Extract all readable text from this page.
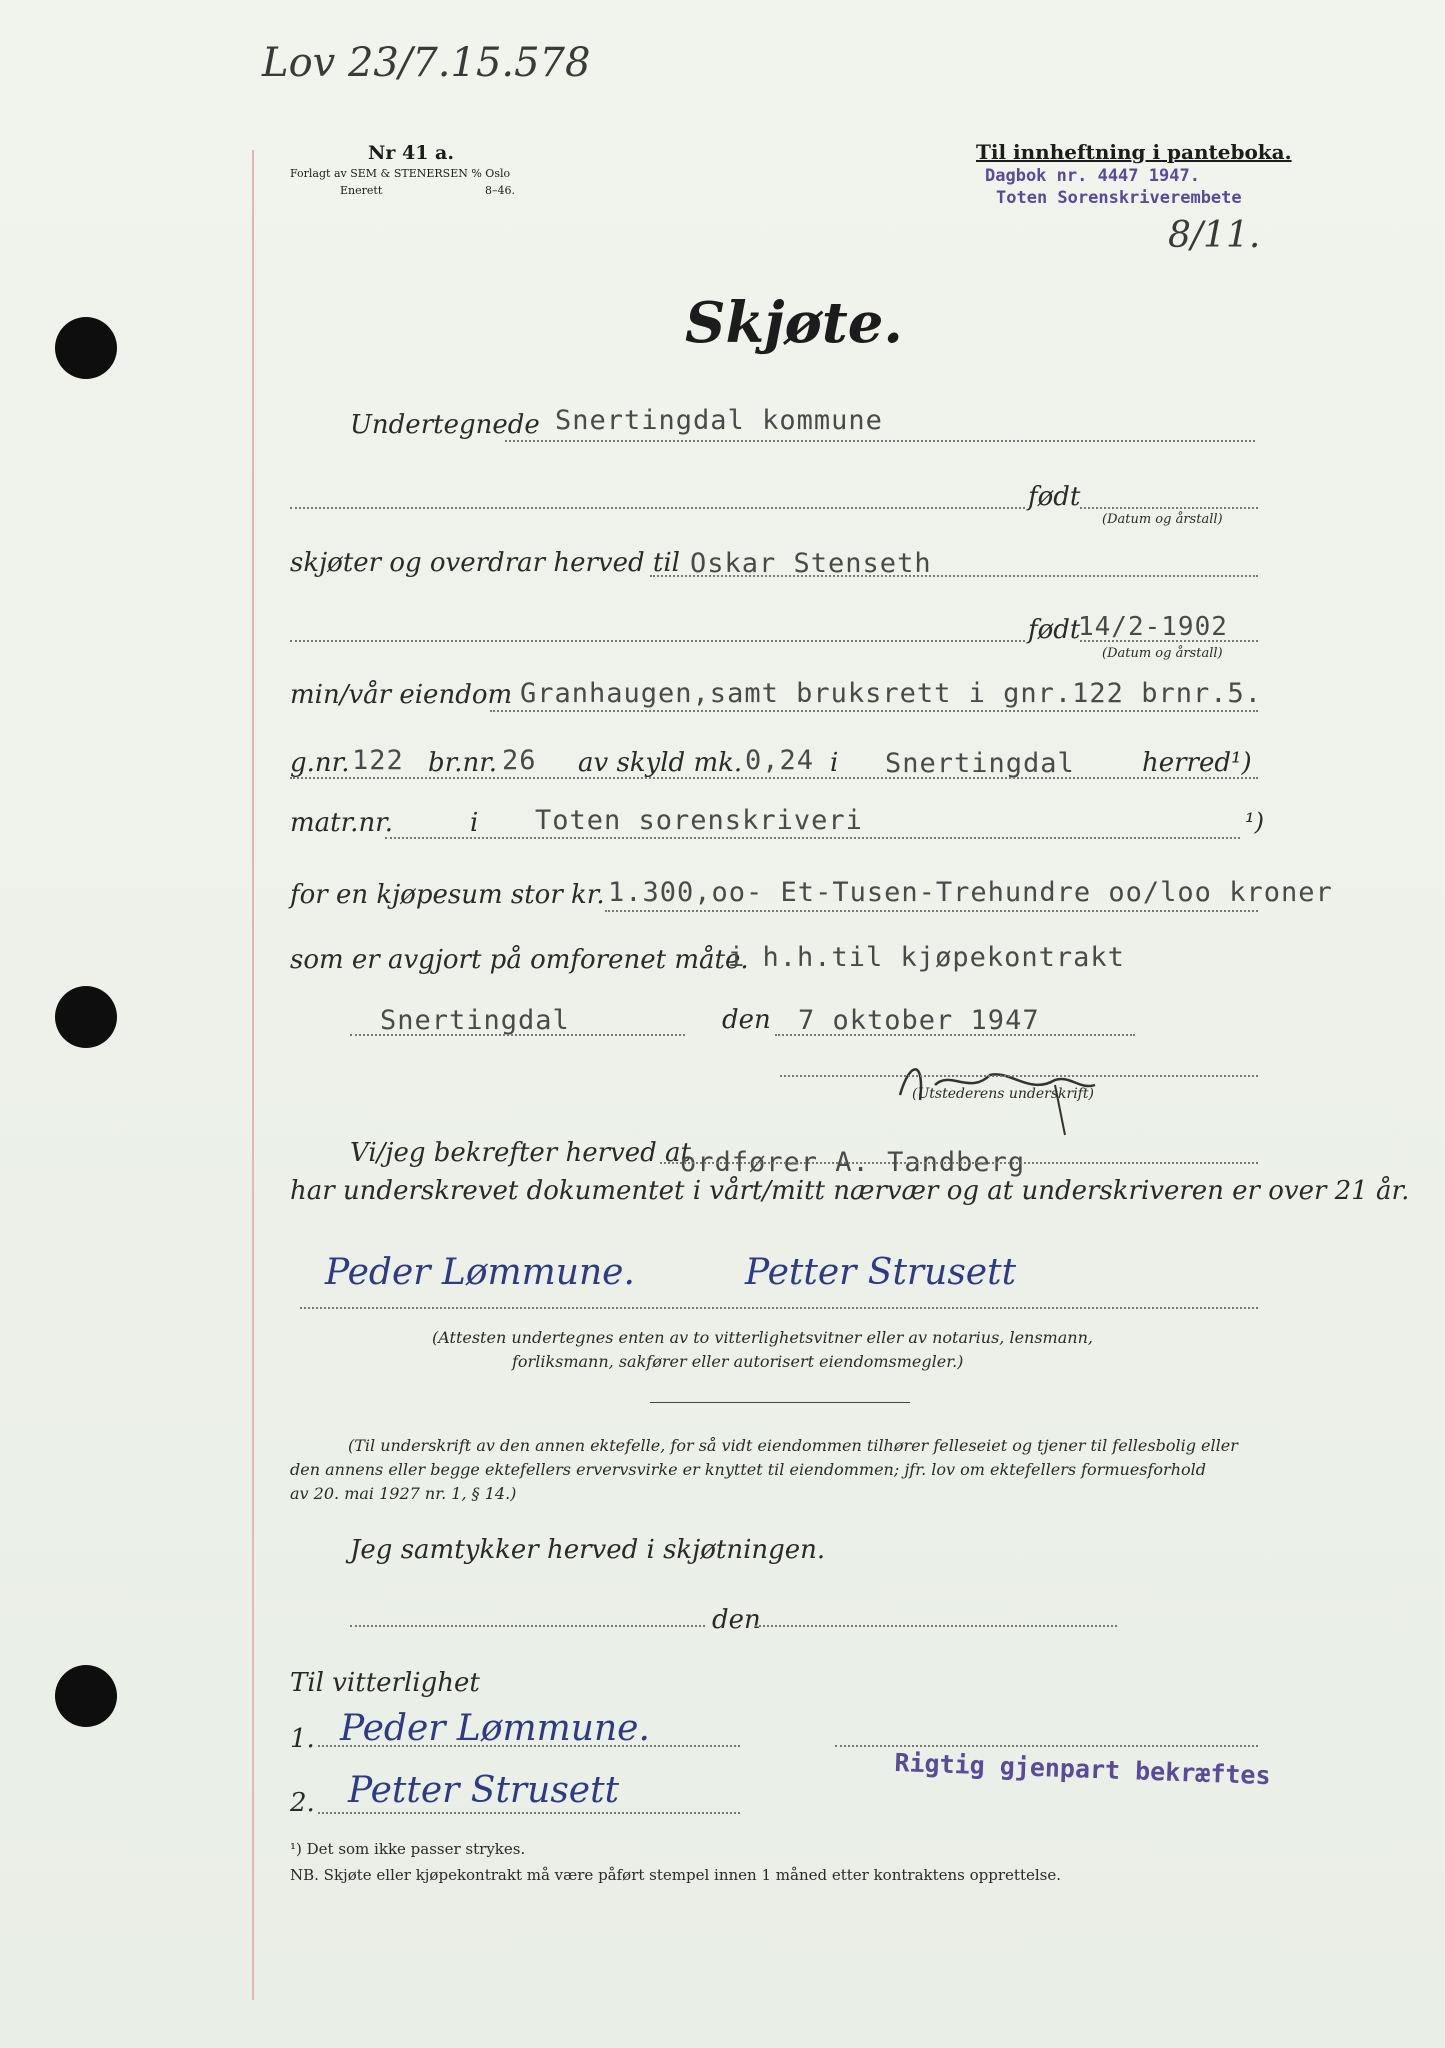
Lov 23/7.15.578
Nr 41 a.
Forlagt av SEM & STENERSEN % Oslo
Enerett	8–46.
Til innheftning i panteboka.
Dagbok nr. 4447 1947.
Toten Sorenskriverembete
8/11.
Skjøte.
Undertegnede Snertingdal kommune
født
(Datum og årstall)
skjøter og overdrar herved til Oskar Stenseth
født
14/2-1902
(Datum og årstall)
min/vår eiendom Granhaugen,samt bruksrett i gnr.122 brnr.5.
g.nr. 122 br.nr. 26 av skyld mk. 0,24 i Snertingdal	herred¹)
matr.nr.	i Toten sorenskriveri	¹)
for en kjøpesum stor kr. 1.300,oo- Et-Tusen-Trehundre oo/loo kroner
som er avgjort på omforenet måte.
i h.h.til kjøpekontrakt
Snertingdal	den 7 oktober 1947
(Utstederens underskrift)
Vi/jeg bekrefter herved at
ordfører A. Tandberg
har underskrevet dokumentet i vårt/mitt nærvær og at underskriveren er over 21 år.
Peder Lømmune.	Petter Strusett
(Attesten undertegnes enten av to vitterlighetsvitner eller av notarius, lensmann,
forliksmann, sakfører eller autorisert eiendomsmegler.)
(Til underskrift av den annen ektefelle, for så vidt eiendommen tilhører felleseiet og tjener til fellesbolig eller
den annens eller begge ektefellers ervervsvirke er knyttet til eiendommen; jfr. lov om ektefellers formuesforhold
av 20. mai 1927 nr. 1, § 14.)
Jeg samtykker herved i skjøtningen.
den
Til vitterlighet
1. Peder Lømmune.
Rigtig gjenpart bekræftes
2. Petter Strusett
¹) Det som ikke passer strykes.
NB. Skjøte eller kjøpekontrakt må være påført stempel innen 1 måned etter kontraktens opprettelse.
